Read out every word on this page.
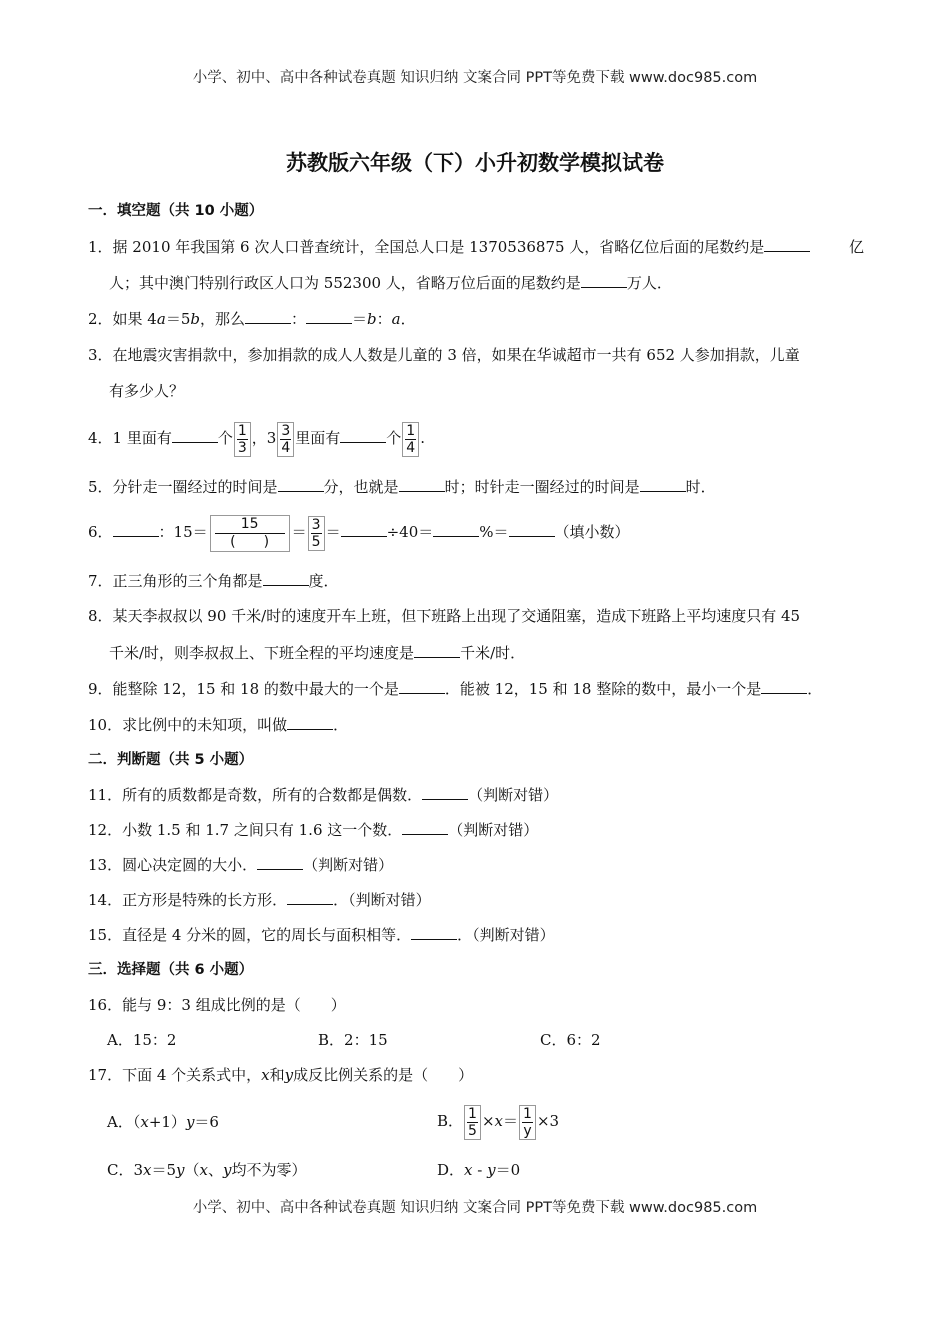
小学、初中、高中各种试卷真题 知识归纳 文案合同 PPT等免费下载 www.doc985.com
苏教版六年级（下）小升初数学模拟试卷
一．填空题（共 10 小题）
1．据 2010 年我国第 6 次人口普查统计，全国总人口是 1370536875 人，省略亿位后面的尾数约是	亿
人；其中澳门特别行政区人口为 552300 人，省略万位后面的尾数约是	万人．
2．如果 4a＝5b，那么	：	＝b：a．
3．在地震灾害捐款中，参加捐款的成人人数是儿童的 3 倍，如果在华诚超市一共有 652 人参加捐款，儿童
有多少人？
4．1 里面有	个 $\frac{1}{3}$ ，$3 \frac{3}{4}$ 里面有	个 $\frac{1}{4}$ .
5．分针走一圈经过的时间是	分，也就是	时；时针走一圈经过的时间是	时．
6．	：15＝	15
(　　)
＝ $\frac{3}{5}$ ＝	÷40＝	%＝	（填小数）
7．正三角形的三个角都是	度．
8．某天李叔叔以 90 千米/时的速度开车上班，但下班路上出现了交通阻塞，造成下班路上平均速度只有 45
千米/时，则李叔叔上、下班全程的平均速度是	千米/时．
9．能整除 12，15 和 18 的数中最大的一个是	．能被 12，15 和 18 整除的数中，最小一个是	．
10．求比例中的未知项，叫做	．
二．判断题（共 5 小题）
11．所有的质数都是奇数，所有的合数都是偶数．	（判断对错）
12．小数 1.5 和 1.7 之间只有 1.6 这一个数．	（判断对错）
13．圆心决定圆的大小．	（判断对错）
14．正方形是特殊的长方形．	．（判断对错）
15．直径是 4 分米的圆，它的周长与面积相等．	．（判断对错）
三．选择题（共 6 小题）
16．能与 9：3 组成比例的是（　　）
A．15：2	B．2：15	C．6：2
17．下面 4 个关系式中，x和y成反比例关系的是（　　）
A．（x+1）y＝6	B． $\frac{1}{5} \times x= \frac{1}{y} \times 3$
C．3x＝5y（x、y均不为零）	D．x - y＝0
小学、初中、高中各种试卷真题 知识归纳 文案合同 PPT等免费下载 www.doc985.com
